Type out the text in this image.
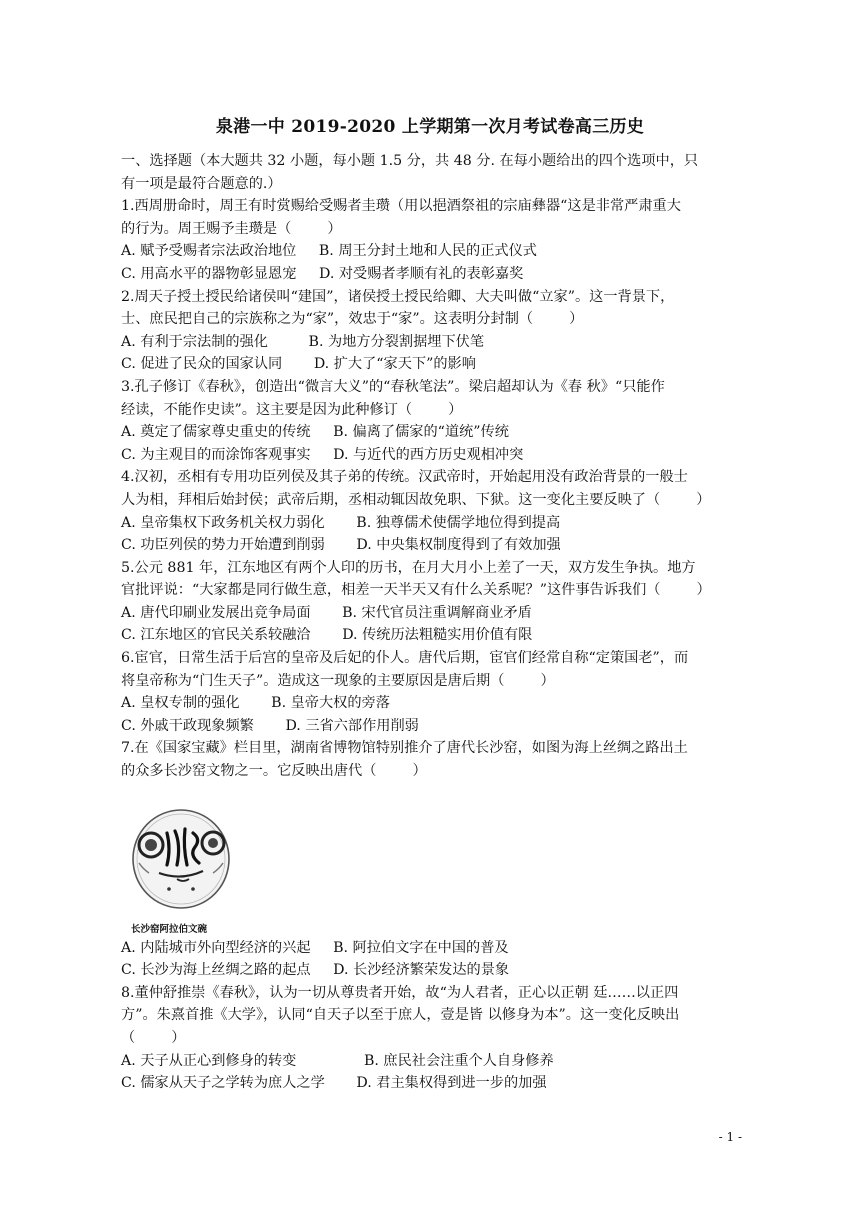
泉港一中 2019-2020 上学期第一次月考试卷高三历史
一、选择题（本大题共 32 小题，每小题 1.5 分，共 48 分. 在每小题给出的四个选项中，只
有一项是最符合题意的.）
1.西周册命时，周王有时赏赐给受赐者圭瓒（用以挹酒祭祖的宗庙彝器“这是非常严肃重大
的行为。周王赐予圭瓒是（        ）
A. 赋予受赐者宗法政治地位     B. 周王分封土地和人民的正式仪式
C. 用高水平的器物彰显恩宠     D. 对受赐者孝顺有礼的表彰嘉奖
2.周天子授土授民给诸侯叫“建国”，诸侯授土授民给卿、大夫叫做“立家”。这一背景下，
士、庶民把自己的宗族称之为“家”，效忠于“家”。这表明分封制（        ）
A. 有利于宗法制的强化         B. 为地方分裂割据埋下伏笔
C. 促进了民众的国家认同       D. 扩大了“家天下”的影响
3.孔子修订《春秋》，创造出“微言大义”的“春秋笔法”。梁启超却认为《春 秋》“只能作
经读，不能作史读”。这主要是因为此种修订（        ）
A. 奠定了儒家尊史重史的传统     B. 偏离了儒家的“道统”传统
C. 为主观目的而涂饰客观事实     D. 与近代的西方历史观相冲突
4.汉初，丞相有专用功臣列侯及其子弟的传统。汉武帝时，开始起用没有政治背景的一般士
人为相，拜相后始封侯；武帝后期，丞相动辄因故免职、下狱。这一变化主要反映了（        ）
A. 皇帝集权下政务机关权力弱化       B. 独尊儒术使儒学地位得到提高
C. 功臣列侯的势力开始遭到削弱       D. 中央集权制度得到了有效加强
5.公元 881 年，江东地区有两个人印的历书，在月大月小上差了一天，双方发生争执。地方
官批评说：“大家都是同行做生意，相差一天半天又有什么关系呢？”这件事告诉我们（        ）
A. 唐代印刷业发展出竞争局面       B. 宋代官员注重调解商业矛盾
C. 江东地区的官民关系较融洽       D. 传统历法粗糙实用价值有限
6.宦官，日常生活于后宫的皇帝及后妃的仆人。唐代后期，宦官们经常自称“定策国老”，而
将皇帝称为“门生天子”。造成这一现象的主要原因是唐后期（        ）
A. 皇权专制的强化       B. 皇帝大权的旁落
C. 外戚干政现象频繁       D. 三省六部作用削弱
7.在《国家宝藏》栏目里，湖南省博物馆特别推介了唐代长沙窑，如图为海上丝绸之路出土
的众多长沙窑文物之一。它反映出唐代（        ）
长沙窑阿拉伯文碗
A. 内陆城市外向型经济的兴起     B. 阿拉伯文字在中国的普及
C. 长沙为海上丝绸之路的起点     D. 长沙经济繁荣发达的景象
8.董仲舒推崇《春秋》，认为一切从尊贵者开始，故“为人君者，正心以正朝 廷……以正四
方”。朱熹首推《大学》，认同“自天子以至于庶人，壹是皆 以修身为本”。这一变化反映出
（        ）
A. 天子从正心到修身的转变               B. 庶民社会注重个人自身修养
C. 儒家从天子之学转为庶人之学       D. 君主集权得到进一步的加强
- 1 -
